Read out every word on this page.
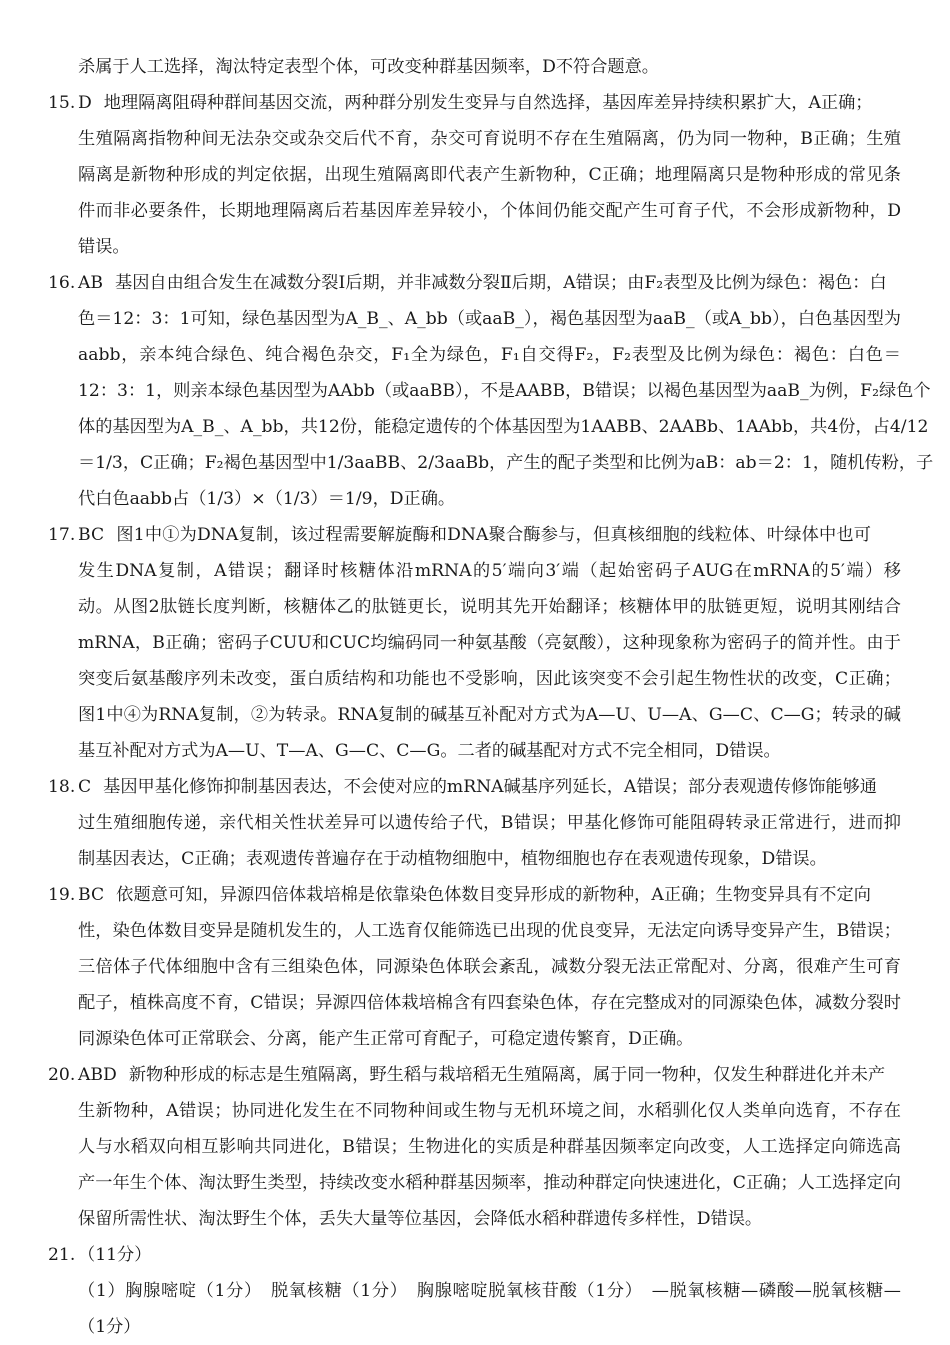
杀属于人工选择，淘汰特定表型个体，可改变种群基因频率，D不符合题意。
15. D 地理隔离阻碍种群间基因交流，两种群分别发生变异与自然选择，基因库差异持续积累扩大，A正确；
生殖隔离指物种间无法杂交或杂交后代不育，杂交可育说明不存在生殖隔离，仍为同一物种，B正确；生殖
隔离是新物种形成的判定依据，出现生殖隔离即代表产生新物种，C正确；地理隔离只是物种形成的常见条
件而非必要条件，长期地理隔离后若基因库差异较小，个体间仍能交配产生可育子代，不会形成新物种，D
错误。
16. AB 基因自由组合发生在减数分裂Ⅰ后期，并非减数分裂Ⅱ后期，A错误；由F₂表型及比例为绿色：褐色：白
色＝12：3：1可知，绿色基因型为A_B_、A_bb（或aaB_），褐色基因型为aaB_（或A_bb），白色基因型为
aabb，亲本纯合绿色、纯合褐色杂交，F₁全为绿色，F₁自交得F₂，F₂表型及比例为绿色：褐色：白色＝
12：3：1，则亲本绿色基因型为AAbb（或aaBB），不是AABB，B错误；以褐色基因型为aaB_为例，F₂绿色个
体的基因型为A_B_、A_bb，共12份，能稳定遗传的个体基因型为1AABB、2AABb、1AAbb，共4份，占4/12
＝1/3，C正确；F₂褐色基因型中1/3aaBB、2/3aaBb，产生的配子类型和比例为aB：ab＝2：1，随机传粉，子
代白色aabb占（1/3）×（1/3）＝1/9，D正确。
17. BC 图1中①为DNA复制，该过程需要解旋酶和DNA聚合酶参与，但真核细胞的线粒体、叶绿体中也可
发生DNA复制，A错误；翻译时核糖体沿mRNA的5′端向3′端（起始密码子AUG在mRNA的5′端）移
动。从图2肽链长度判断，核糖体乙的肽链更长，说明其先开始翻译；核糖体甲的肽链更短，说明其刚结合
mRNA，B正确；密码子CUU和CUC均编码同一种氨基酸（亮氨酸），这种现象称为密码子的简并性。由于
突变后氨基酸序列未改变，蛋白质结构和功能也不受影响，因此该突变不会引起生物性状的改变，C正确；
图1中④为RNA复制，②为转录。RNA复制的碱基互补配对方式为A—U、U—A、G—C、C—G；转录的碱
基互补配对方式为A—U、T—A、G—C、C—G。二者的碱基配对方式不完全相同，D错误。
18. C 基因甲基化修饰抑制基因表达，不会使对应的mRNA碱基序列延长，A错误；部分表观遗传修饰能够通
过生殖细胞传递，亲代相关性状差异可以遗传给子代，B错误；甲基化修饰可能阻碍转录正常进行，进而抑
制基因表达，C正确；表观遗传普遍存在于动植物细胞中，植物细胞也存在表观遗传现象，D错误。
19. BC 依题意可知，异源四倍体栽培棉是依靠染色体数目变异形成的新物种，A正确；生物变异具有不定向
性，染色体数目变异是随机发生的，人工选育仅能筛选已出现的优良变异，无法定向诱导变异产生，B错误；
三倍体子代体细胞中含有三组染色体，同源染色体联会紊乱，减数分裂无法正常配对、分离，很难产生可育
配子，植株高度不育，C错误；异源四倍体栽培棉含有四套染色体，存在完整成对的同源染色体，减数分裂时
同源染色体可正常联会、分离，能产生正常可育配子，可稳定遗传繁育，D正确。
20. ABD 新物种形成的标志是生殖隔离，野生稻与栽培稻无生殖隔离，属于同一物种，仅发生种群进化并未产
生新物种，A错误；协同进化发生在不同物种间或生物与无机环境之间，水稻驯化仅人类单向选育，不存在
人与水稻双向相互影响共同进化，B错误；生物进化的实质是种群基因频率定向改变，人工选择定向筛选高
产一年生个体、淘汰野生类型，持续改变水稻种群基因频率，推动种群定向快速进化，C正确；人工选择定向
保留所需性状、淘汰野生个体，丢失大量等位基因，会降低水稻种群遗传多样性，D错误。
21. （11分）
（1）胸腺嘧啶（1分）　脱氧核糖（1分）　胸腺嘧啶脱氧核苷酸（1分）　—脱氧核糖—磷酸—脱氧核糖—
（1分）
